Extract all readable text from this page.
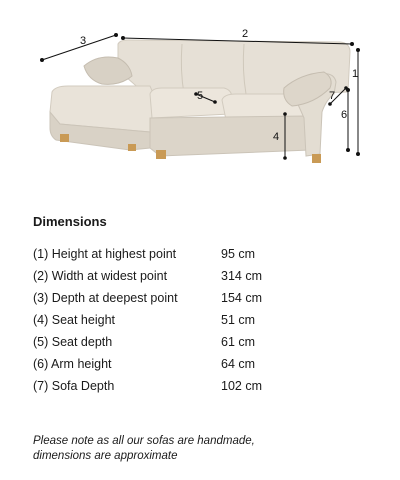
3
2
1
6
7
5
4
Dimensions
(1) Height at highest point	95 cm
(2) Width at widest point	314 cm
(3) Depth at deepest point	154 cm
(4) Seat height	51 cm
(5) Seat depth	61 cm
(6) Arm height	64 cm
(7) Sofa Depth	102 cm

Please note as all our sofas are handmade,
dimensions are approximate
